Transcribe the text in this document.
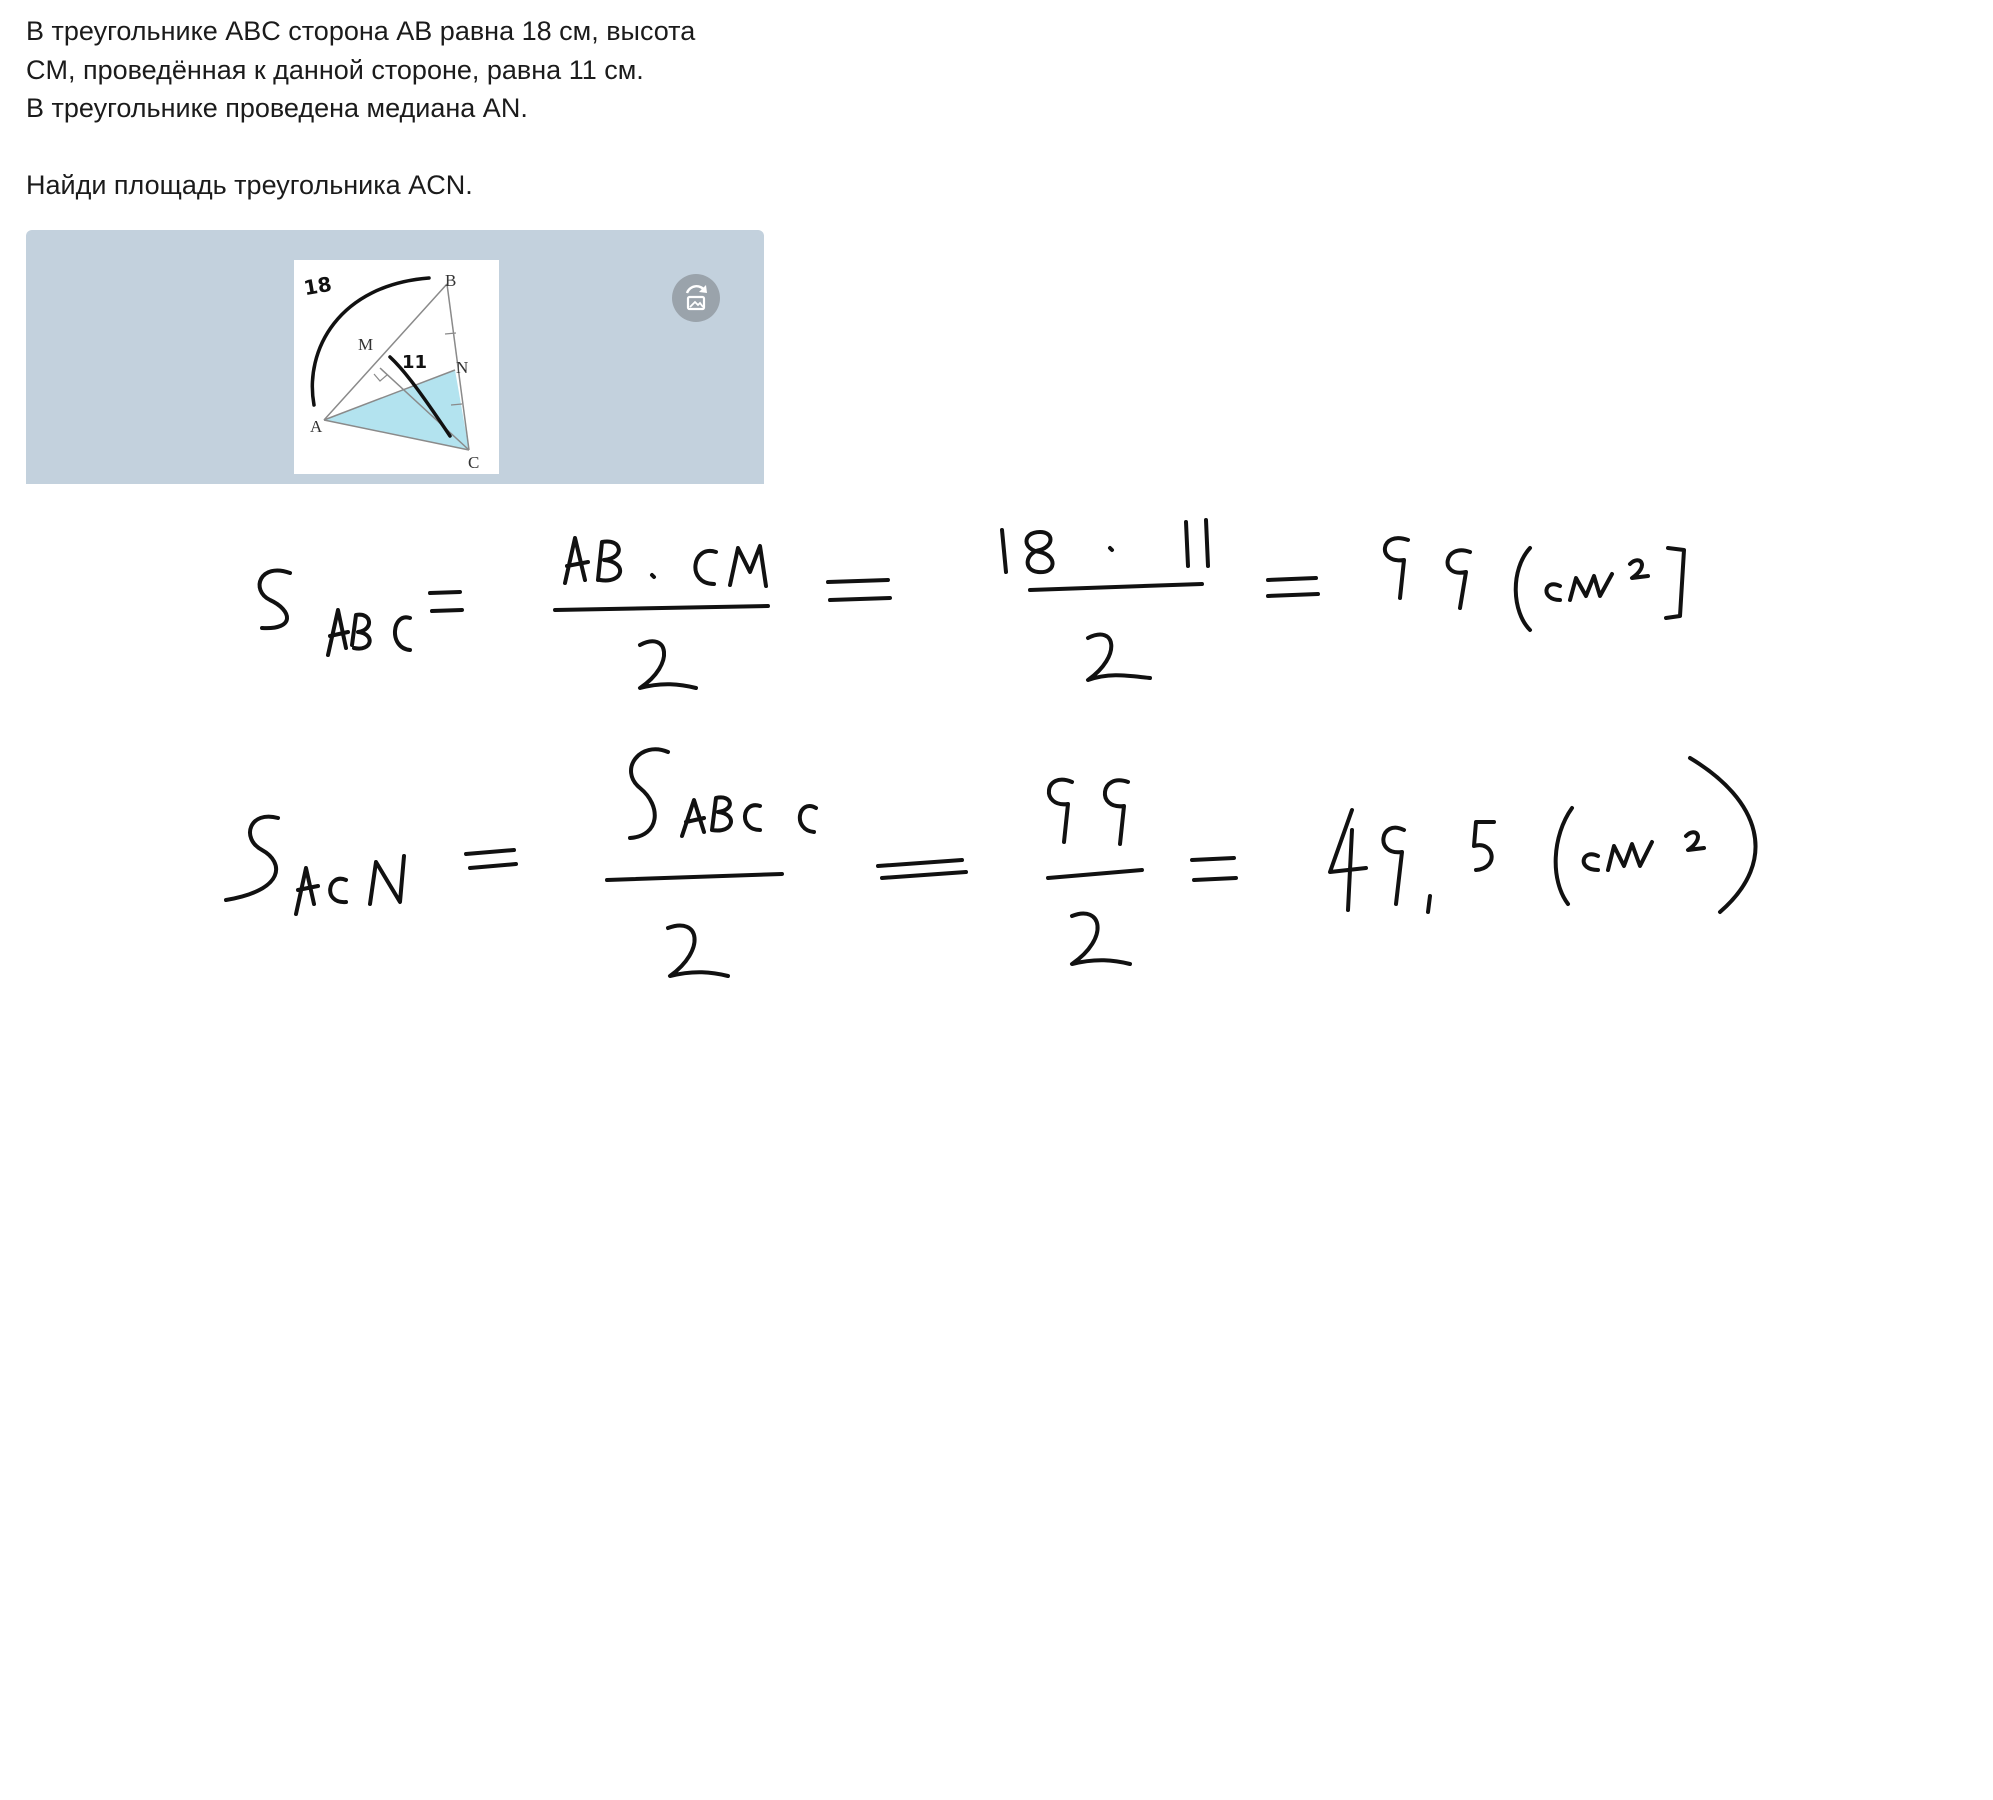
В треугольнике ABC сторона AB равна 18 см, высота

CM, проведённая к данной стороне, равна 11 см.

В треугольнике проведена медиана AN.

Найди площадь треугольника ACN.

A
B
C
M
N
18
11
